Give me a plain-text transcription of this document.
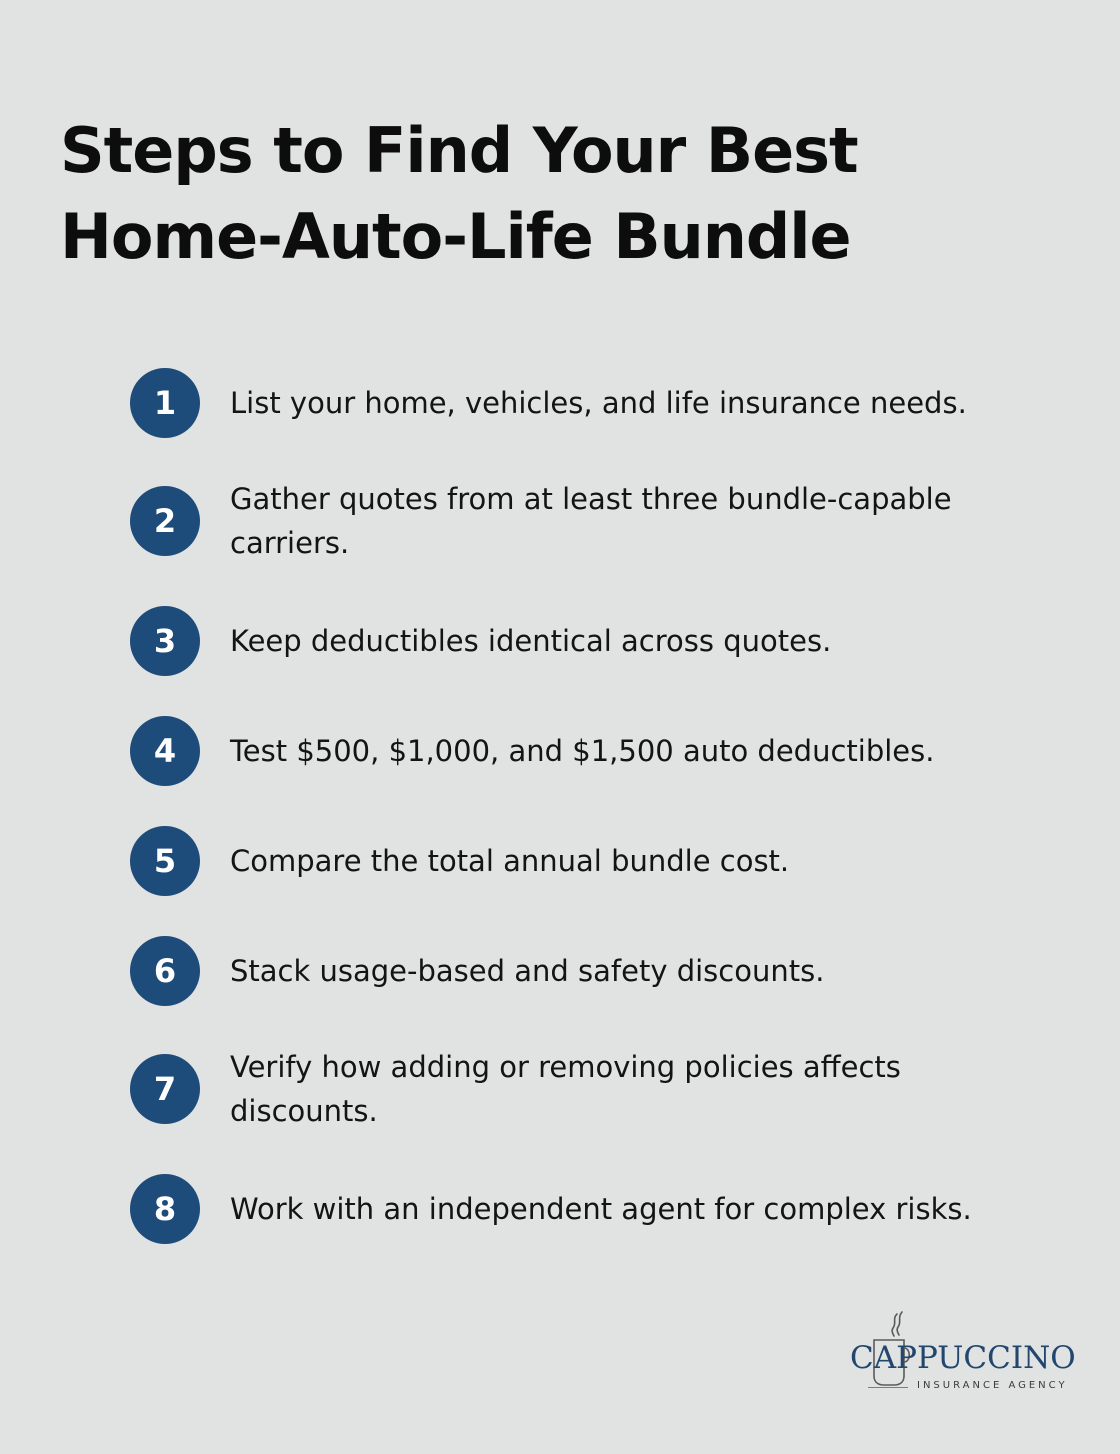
Steps to Find Your Best Home-Auto-Life Bundle
1	List your home, vehicles, and life insurance needs.
2
Gather quotes from at least three bundle-capable carriers.
3	Keep deductibles identical across quotes.
4	Test $500, $1,000, and $1,500 auto deductibles.
5	Compare the total annual bundle cost.
6	Stack usage-based and safety discounts.
7
Verify how adding or removing policies affects discounts.
8	Work with an independent agent for complex risks.
CAPPUCCINO
INSURANCE AGENCY
